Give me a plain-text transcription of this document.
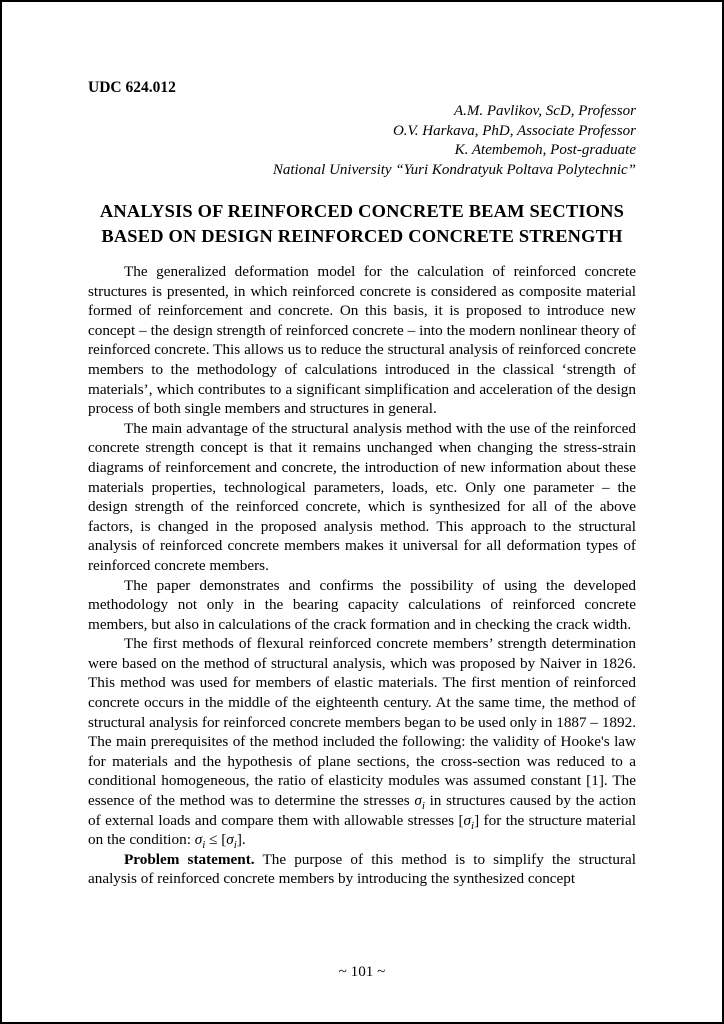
UDC 624.012
A.M. Pavlikov, ScD, Professor
O.V. Harkava, PhD, Associate Professor
K. Atembemoh, Post-graduate
National University “Yuri Kondratyuk Poltava Polytechnic”
ANALYSIS OF REINFORCED CONCRETE BEAM SECTIONS BASED ON DESIGN REINFORCED CONCRETE STRENGTH

The generalized deformation model for the calculation of reinforced concrete structures is presented, in which reinforced concrete is considered as composite material formed of reinforcement and concrete. On this basis, it is proposed to introduce new concept – the design strength of reinforced concrete – into the modern nonlinear theory of reinforced concrete. This allows us to reduce the structural analysis of reinforced concrete members to the methodology of calculations introduced in the classical ‘strength of materials’, which contributes to a significant simplification and acceleration of the design process of both single members and structures in general.

The main advantage of the structural analysis method with the use of the reinforced concrete strength concept is that it remains unchanged when changing the stress-strain diagrams of reinforcement and concrete, the introduction of new information about these materials properties, technological parameters, loads, etc. Only one parameter – the design strength of the reinforced concrete, which is synthesized for all of the above factors, is changed in the proposed analysis method. This approach to the structural analysis of reinforced concrete members makes it universal for all deformation types of reinforced concrete members.

The paper demonstrates and confirms the possibility of using the developed methodology not only in the bearing capacity calculations of reinforced concrete members, but also in calculations of the crack formation and in checking the crack width.

The first methods of flexural reinforced concrete members’ strength determination were based on the method of structural analysis, which was proposed by Naiver in 1826. This method was used for members of elastic materials. The first mention of reinforced concrete occurs in the middle of the eighteenth century. At the same time, the method of structural analysis for reinforced concrete members began to be used only in 1887 – 1892. The main prerequisites of the method included the following: the validity of Hooke's law for materials and the hypothesis of plane sections, the cross-section was reduced to a conditional homogeneous, the ratio of elasticity modules was assumed constant [1]. The essence of the method was to determine the stresses $\sigma_i$ in structures caused by the action of external loads and compare them with allowable stresses $[\sigma_i]$ for the structure material on the condition: $\sigma_i \le [\sigma_i]$.

Problem statement. The purpose of this method is to simplify the structural analysis of reinforced concrete members by introducing the synthesized concept

~ 101 ~
